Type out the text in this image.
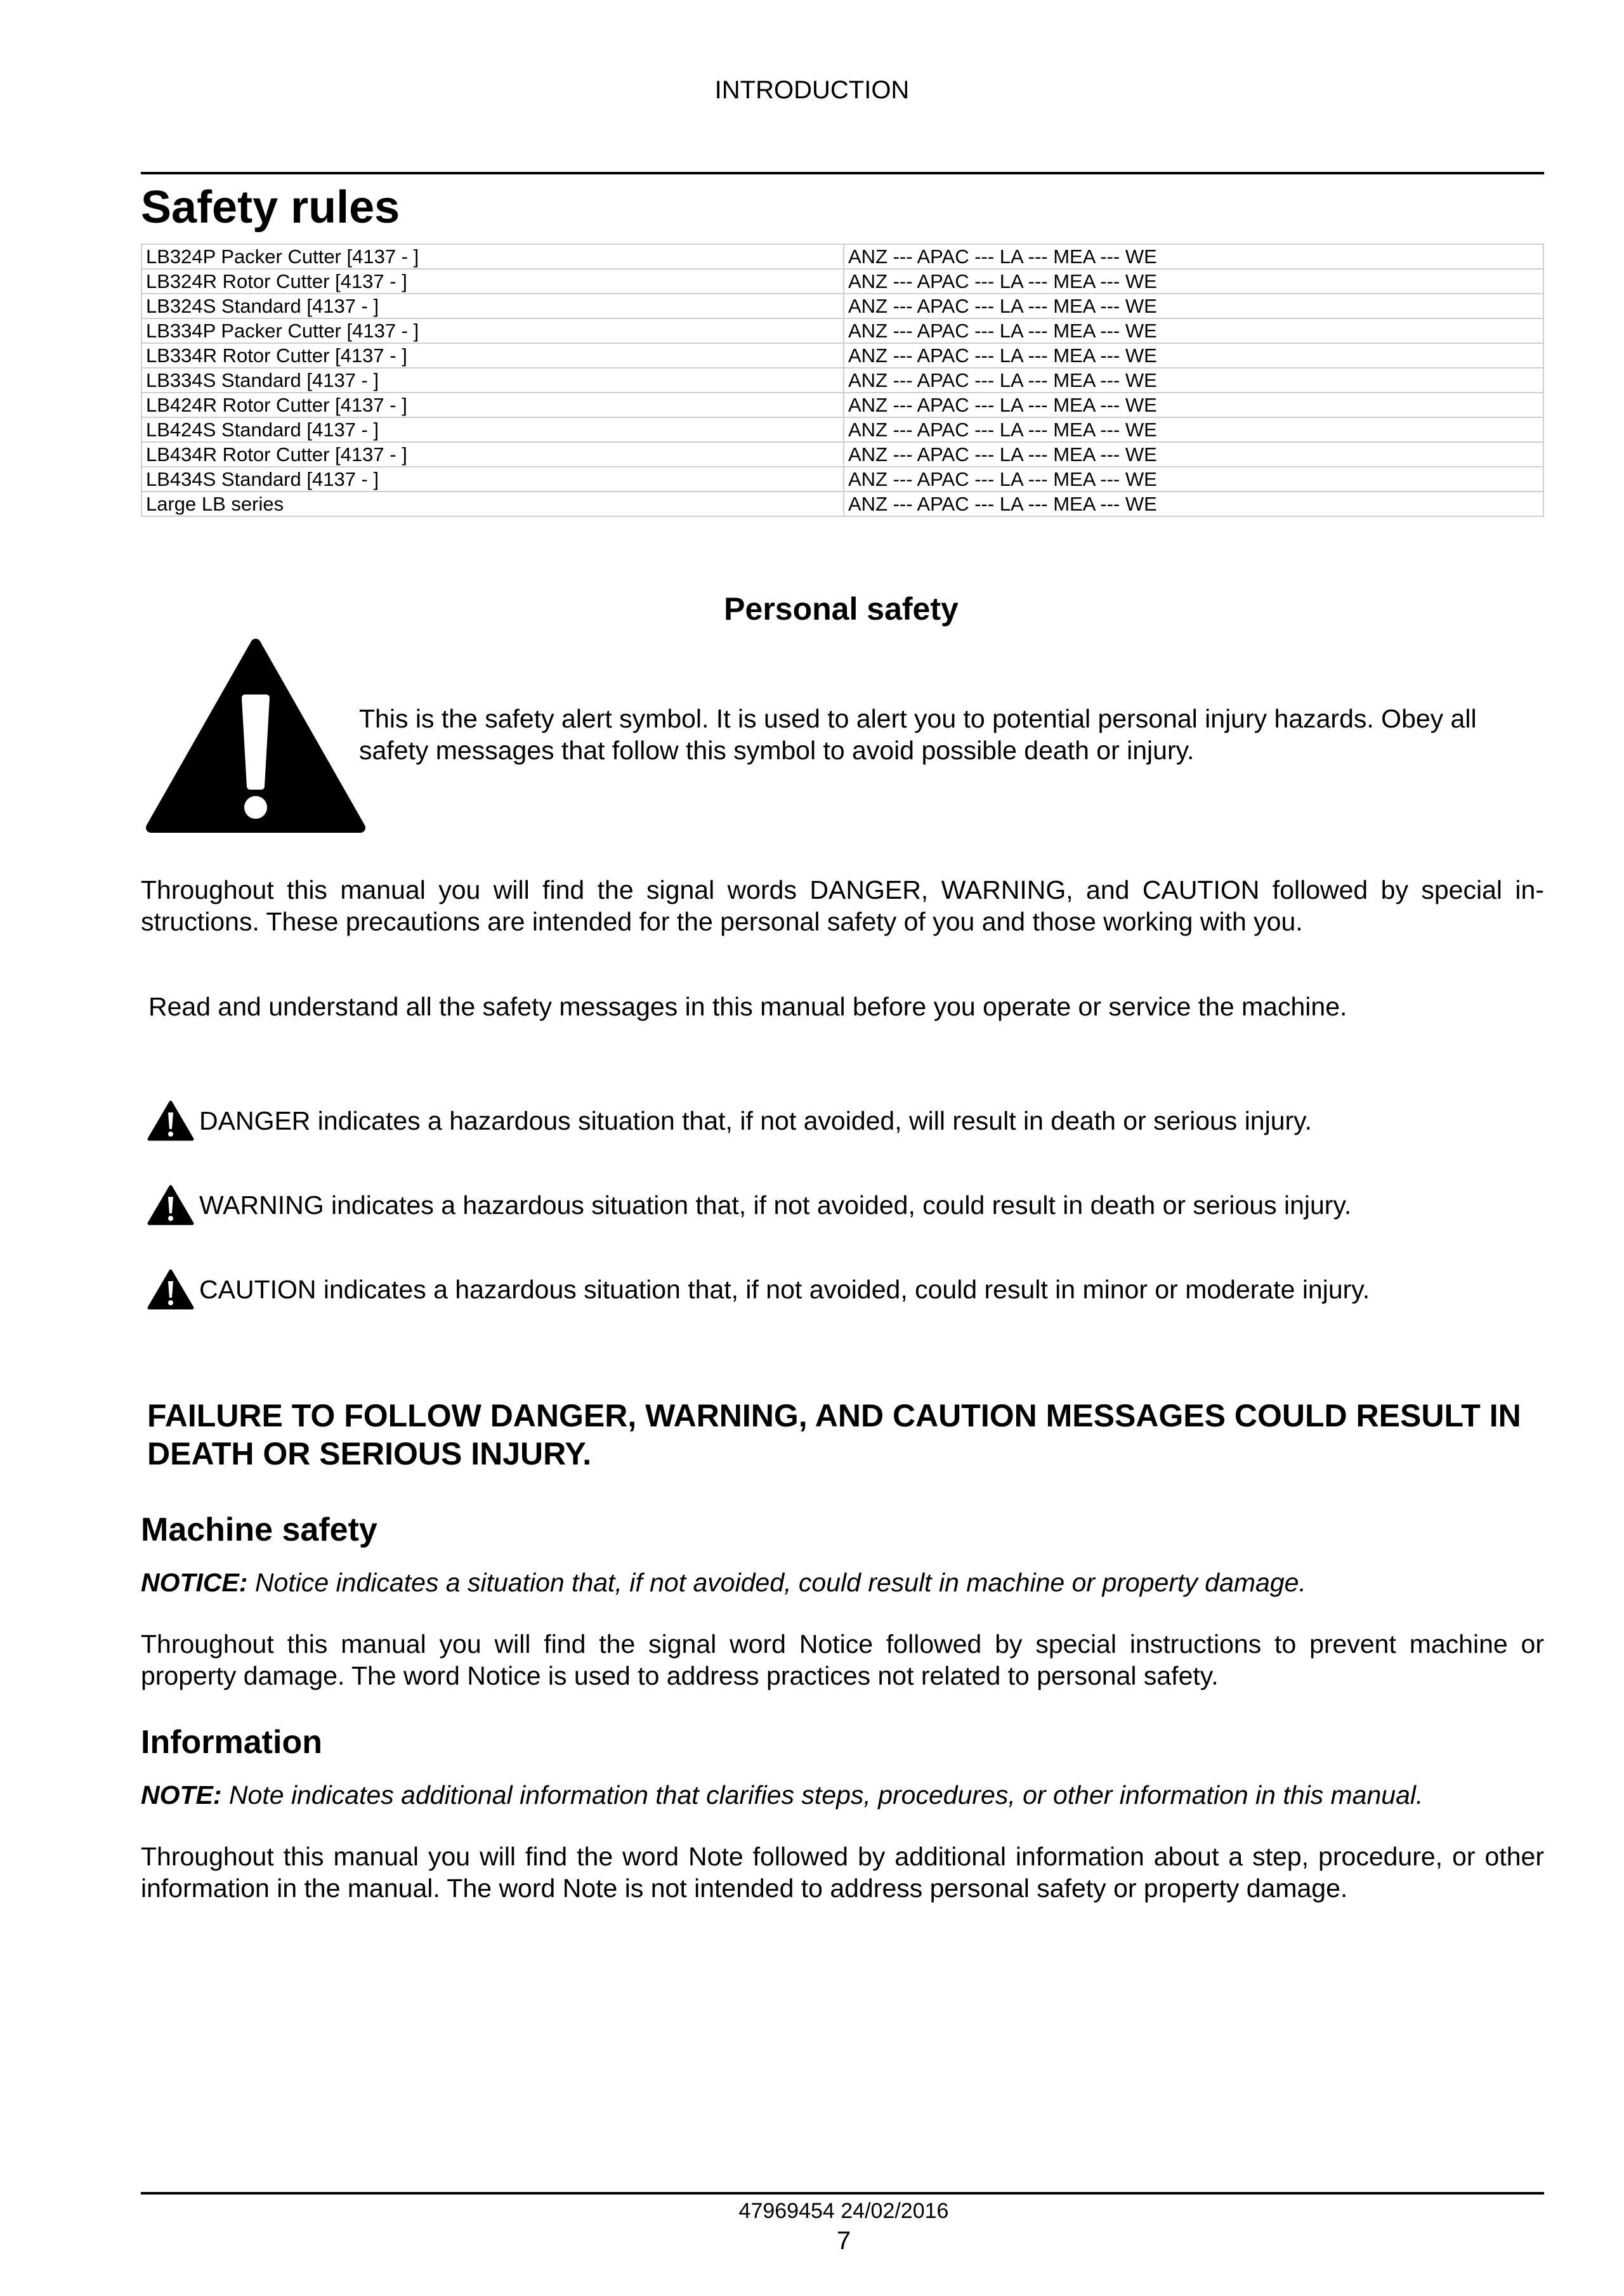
INTRODUCTION
Safety rules
LB324P Packer Cutter [4137 - ]	ANZ --- APAC --- LA --- MEA --- WE
LB324R Rotor Cutter [4137 - ]	ANZ --- APAC --- LA --- MEA --- WE
LB324S Standard [4137 - ]	ANZ --- APAC --- LA --- MEA --- WE
LB334P Packer Cutter [4137 - ]	ANZ --- APAC --- LA --- MEA --- WE
LB334R Rotor Cutter [4137 - ]	ANZ --- APAC --- LA --- MEA --- WE
LB334S Standard [4137 - ]	ANZ --- APAC --- LA --- MEA --- WE
LB424R Rotor Cutter [4137 - ]	ANZ --- APAC --- LA --- MEA --- WE
LB424S Standard [4137 - ]	ANZ --- APAC --- LA --- MEA --- WE
LB434R Rotor Cutter [4137 - ]	ANZ --- APAC --- LA --- MEA --- WE
LB434S Standard [4137 - ]	ANZ --- APAC --- LA --- MEA --- WE
Large LB series	ANZ --- APAC --- LA --- MEA --- WE
Personal safety

This is the safety alert symbol. It is used to alert you to potential personal injury hazards. Obey all safety messages that follow this symbol to avoid possible death or injury.

Throughout this manual you will find the signal words DANGER, WARNING, and CAUTION followed by special in-structions. These precautions are intended for the personal safety of you and those working with you.

Read and understand all the safety messages in this manual before you operate or service the machine.

DANGER indicates a hazardous situation that, if not avoided, will result in death or serious injury.
WARNING indicates a hazardous situation that, if not avoided, could result in death or serious injury.
CAUTION indicates a hazardous situation that, if not avoided, could result in minor or moderate injury.

FAILURE TO FOLLOW DANGER, WARNING, AND CAUTION MESSAGES COULD RESULT IN DEATH OR SERIOUS INJURY.

Machine safety

NOTICE: Notice indicates a situation that, if not avoided, could result in machine or property damage.

Throughout this manual you will find the signal word Notice followed by special instructions to prevent machine or property damage. The word Notice is used to address practices not related to personal safety.

Information

NOTE: Note indicates additional information that clarifies steps, procedures, or other information in this manual.

Throughout this manual you will find the word Note followed by additional information about a step, procedure, or other information in the manual. The word Note is not intended to address personal safety or property damage.

47969454 24/02/2016
7
